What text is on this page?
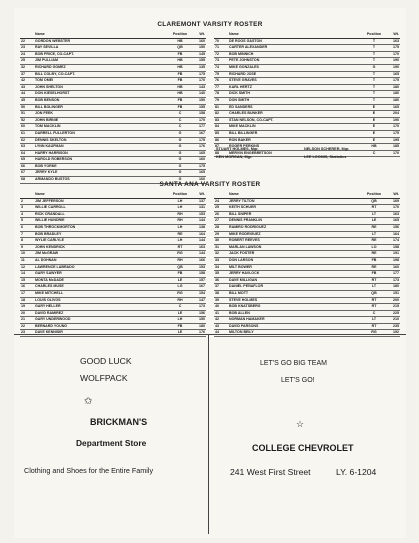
CLAREMONT VARSITY ROSTER
	Name	Position	Wt.
22	GORDON WEBSTER	HB	160
23	RAY SEVILLA	QB	150
24	BOB PRICE, CO-CAPT.	FB	145
25	JIM PULLIAM	HB	155
32	RICHARD GOMEZ	HB	135
37	BILL COLBY, CO-CAPT.	FB	175
42	TOM OMEI	FB	170
43	JOHN SHELTON	HB	143
44	DON KIESELHORST	HB	140
45	BOB BENSON	FB	150
50	BILL BOLINGER	FB	155
51	JON FEEK	C	158
52	JOHN BIRNIE	C	170
60	TOM MACKLIN	C	177
61	DARRELL FULLERTON	G	167
62	DENNIS SKELTON	G	175
63	LYNN KAUFMAN	G	176
64	HARRY HARRISON	G	165
65	HAROLD ROBERSON	G	160
66	BOB YORKE	G	175
67	JERRY KYLE	G	165
68	ARMANDO BUSTOS	G	160
	Name	Position	Wt.
70	DE ROOS GASTON	T	163
71	CARTER ALEXANDER	T	175
72	BOB MINNICH	T	170
73	PETE JOHNSTON	T	190
74	MIKE GONZALES	G	190
75	RICHARD JOSE	T	165
76	STEVE GRAVES	T	175
77	KARL HERTZ	T	180
78	DICK SMITH	T	180
79	DON SMITH	T	180
81	ED SANDERS	E	165
82	CHARLES BUNKER	E	204
83	STAN NELSON, CO-CAPT.	E	190
84	MIKE MACKLIN	E	170
85	BILL BILLINGER	E	175
86	RON BAKER	E	195
87	ROGER PERKINS	HB	185
88	MERVIN ENGEBRETSON	C	170
STUART HOLMES, Mgr.	NELSON SCHERER, Mgr.
KEN MORGAN, Mgr.	LEE LOOMIS, Statistics
SANTA ANA VARSITY ROSTER
	Name	Position	Wt.
2	JIM JEFFERSON	LH	137
3	WILLIE CARROLL	LH	131
4	RICK CRANDALL	RH	153
5	WILLIE HUNDRIE	RH	144
6	BOB THROCKMORTON	LH	138
7	BOB BRADLEY	RE	164
8	WYLIE CARLYLE	LH	144
9	JOHN KENDRICK	RT	163
10	JIM McGRAW	RG	144
11	AL DOHNAN	RH	166
12	LAWRENCE LABRADO	QB	153
14	GARY SAWYER	FB	158
15	MONTA McDADE	LE	157
16	CHARLES MUSE	LG	167
17	MIKE MITCHELL	RG	154
18	LOUIS OLIVOS	RH	147
19	GARY HELLER	C	173
20	DAVID RAMIREZ	LE	156
21	GARY UNDERWOOD	LH	150
22	BERNARD YOUNG	FB	180
23	DAVE KENNISIR	LE	176
	Name	Position	Wt.
24	JERRY TILTON	QB	169
25	KEITH SCHUER	RT	170
26	BILL SNIPER	LT	163
27	DENNIS FRANKLIN	LE	165
28	RAMIRO RODRIGUEZ	RE	156
29	MIKE RODRIGUEZ	LT	164
30	ROBERT REEVES	RE	174
31	MARLAN LAWSON	LO	158
32	JACK FOSTER	RE	191
33	DON LARSON	FB	198
34	MILT BOWER	RE	160
35	JERRY HAVLOCK	FB	177
36	DAVE MILLIGAN	RT	173
37	DANIEL PEÑAFLOR	LT	180
38	BILL MOTT	QB	151
39	STEVE HOLMES	RT	200
40	BOB KNATSBERG	RT	215
41	BOB ALLEN	C	225
42	NORMAN HAMAKER	LT	210
43	DAVID PARSONS	RT	235
44	MILTON BEILY	RG	192
GOOD LUCK
WOLFPACK
✩
BRICKMAN'S
Department Store
Clothing and Shoes for the Entire Family
LET'S GO BIG TEAM
LET'S GO!
☆
COLLEGE CHEVROLET
241 West First Street	LY. 6-1204
